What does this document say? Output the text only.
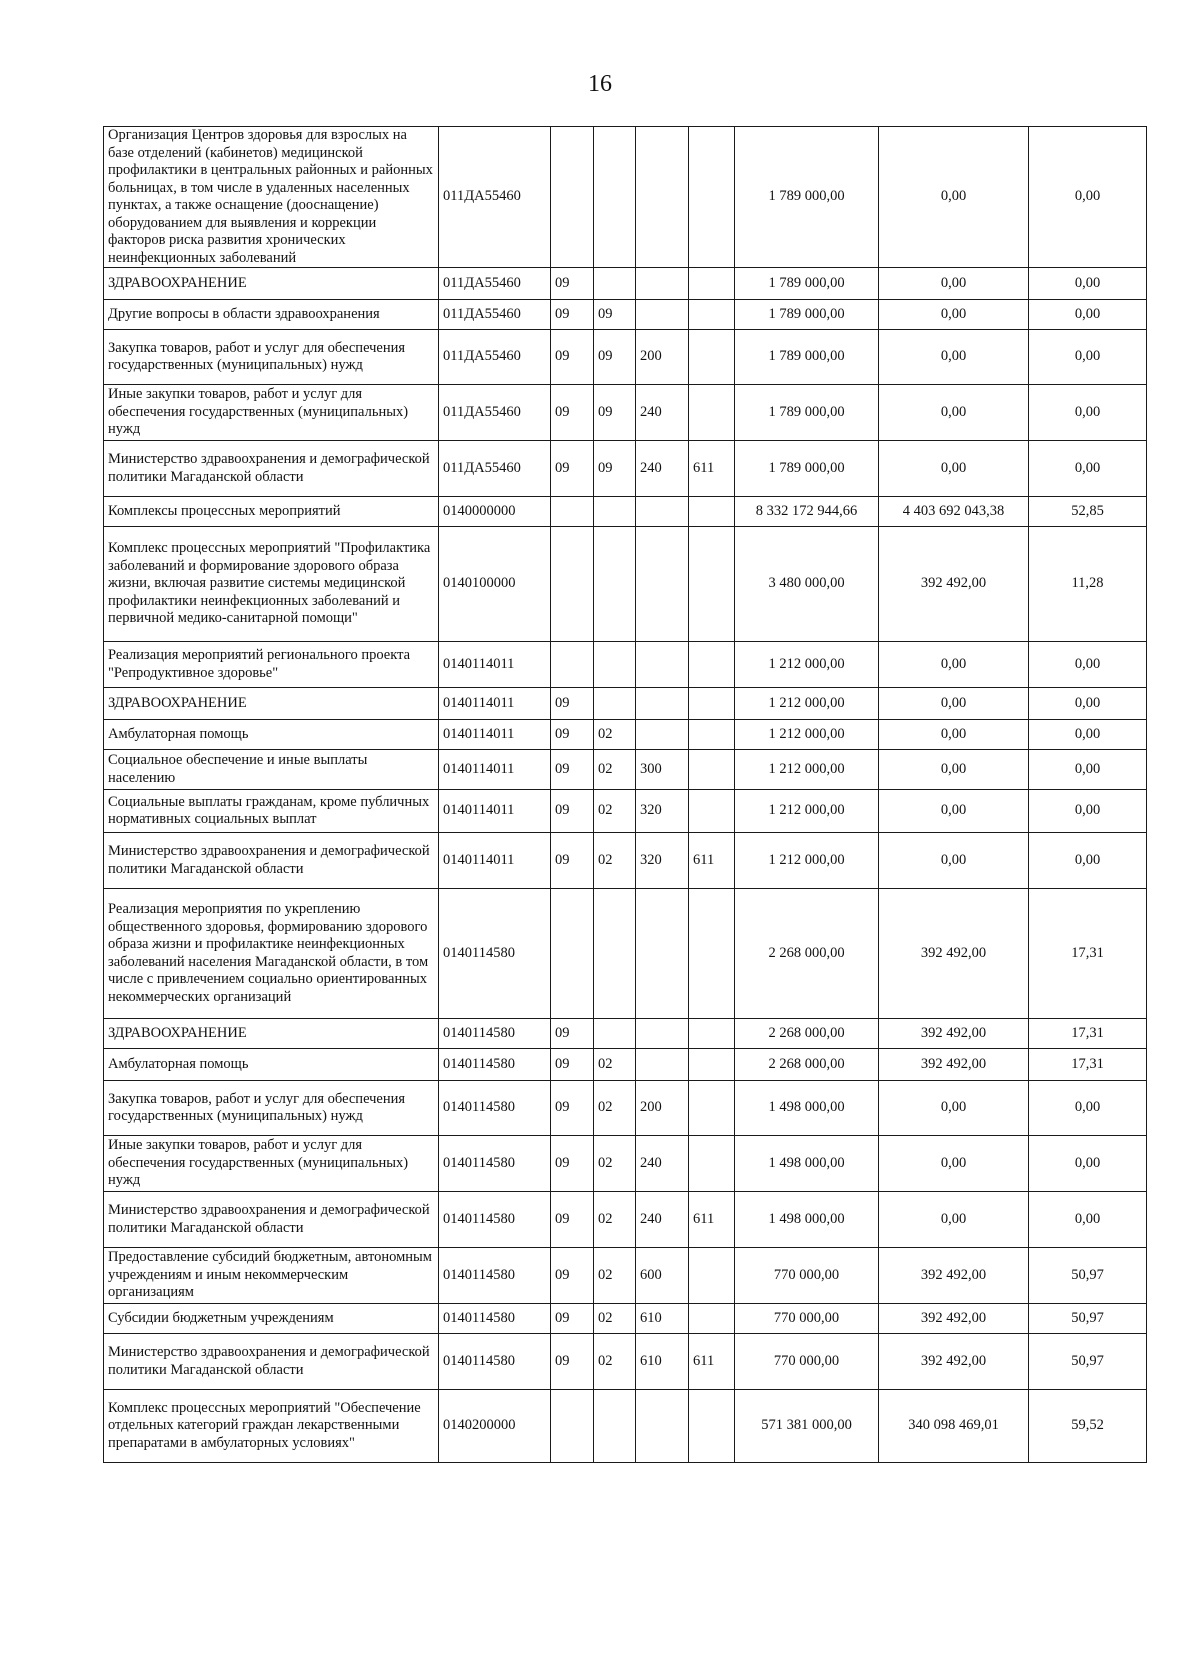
16
Организация Центров здоровья для взрослых на базе отделений (кабинетов) медицинской профилактики в центральных районных и районных больницах, в том числе в удаленных населенных пунктах, а также оснащение (дооснащение) оборудованием для выявления и коррекции факторов риска развития хронических неинфекционных заболеваний	011ДА55460					1 789 000,00	0,00	0,00
ЗДРАВООХРАНЕНИЕ	011ДА55460	09				1 789 000,00	0,00	0,00
Другие вопросы в области здравоохранения	011ДА55460	09	09			1 789 000,00	0,00	0,00
Закупка товаров, работ и услуг для обеспечения государственных (муниципальных) нужд	011ДА55460	09	09	200		1 789 000,00	0,00	0,00
Иные закупки товаров, работ и услуг для обеспечения государственных (муниципальных) нужд	011ДА55460	09	09	240		1 789 000,00	0,00	0,00
Министерство здравоохранения и демографической политики Магаданской области	011ДА55460	09	09	240	611	1 789 000,00	0,00	0,00
Комплексы процессных мероприятий	0140000000					8 332 172 944,66	4 403 692 043,38	52,85
Комплекс процессных мероприятий "Профилактика заболеваний и формирование здорового образа жизни, включая развитие системы медицинской профилактики неинфекционных заболеваний и первичной медико-санитарной помощи"	0140100000					3 480 000,00	392 492,00	11,28
Реализация мероприятий регионального проекта "Репродуктивное здоровье"	0140114011					1 212 000,00	0,00	0,00
ЗДРАВООХРАНЕНИЕ	0140114011	09				1 212 000,00	0,00	0,00
Амбулаторная помощь	0140114011	09	02			1 212 000,00	0,00	0,00
Социальное обеспечение и иные выплаты населению	0140114011	09	02	300		1 212 000,00	0,00	0,00
Социальные выплаты гражданам, кроме публичных нормативных социальных выплат	0140114011	09	02	320		1 212 000,00	0,00	0,00
Министерство здравоохранения и демографической политики Магаданской области	0140114011	09	02	320	611	1 212 000,00	0,00	0,00
Реализация мероприятия по укреплению общественного здоровья, формированию здорового образа жизни и профилактике неинфекционных заболеваний населения Магаданской области, в том числе с привлечением социально ориентированных некоммерческих организаций	0140114580					2 268 000,00	392 492,00	17,31
ЗДРАВООХРАНЕНИЕ	0140114580	09				2 268 000,00	392 492,00	17,31
Амбулаторная помощь	0140114580	09	02			2 268 000,00	392 492,00	17,31
Закупка товаров, работ и услуг для обеспечения государственных (муниципальных) нужд	0140114580	09	02	200		1 498 000,00	0,00	0,00
Иные закупки товаров, работ и услуг для обеспечения государственных (муниципальных) нужд	0140114580	09	02	240		1 498 000,00	0,00	0,00
Министерство здравоохранения и демографической политики Магаданской области	0140114580	09	02	240	611	1 498 000,00	0,00	0,00
Предоставление субсидий бюджетным, автономным учреждениям и иным некоммерческим организациям	0140114580	09	02	600		770 000,00	392 492,00	50,97
Субсидии бюджетным учреждениям	0140114580	09	02	610		770 000,00	392 492,00	50,97
Министерство здравоохранения и демографической политики Магаданской области	0140114580	09	02	610	611	770 000,00	392 492,00	50,97
Комплекс процессных мероприятий "Обеспечение отдельных категорий граждан лекарственными препаратами в амбулаторных условиях"	0140200000					571 381 000,00	340 098 469,01	59,52
